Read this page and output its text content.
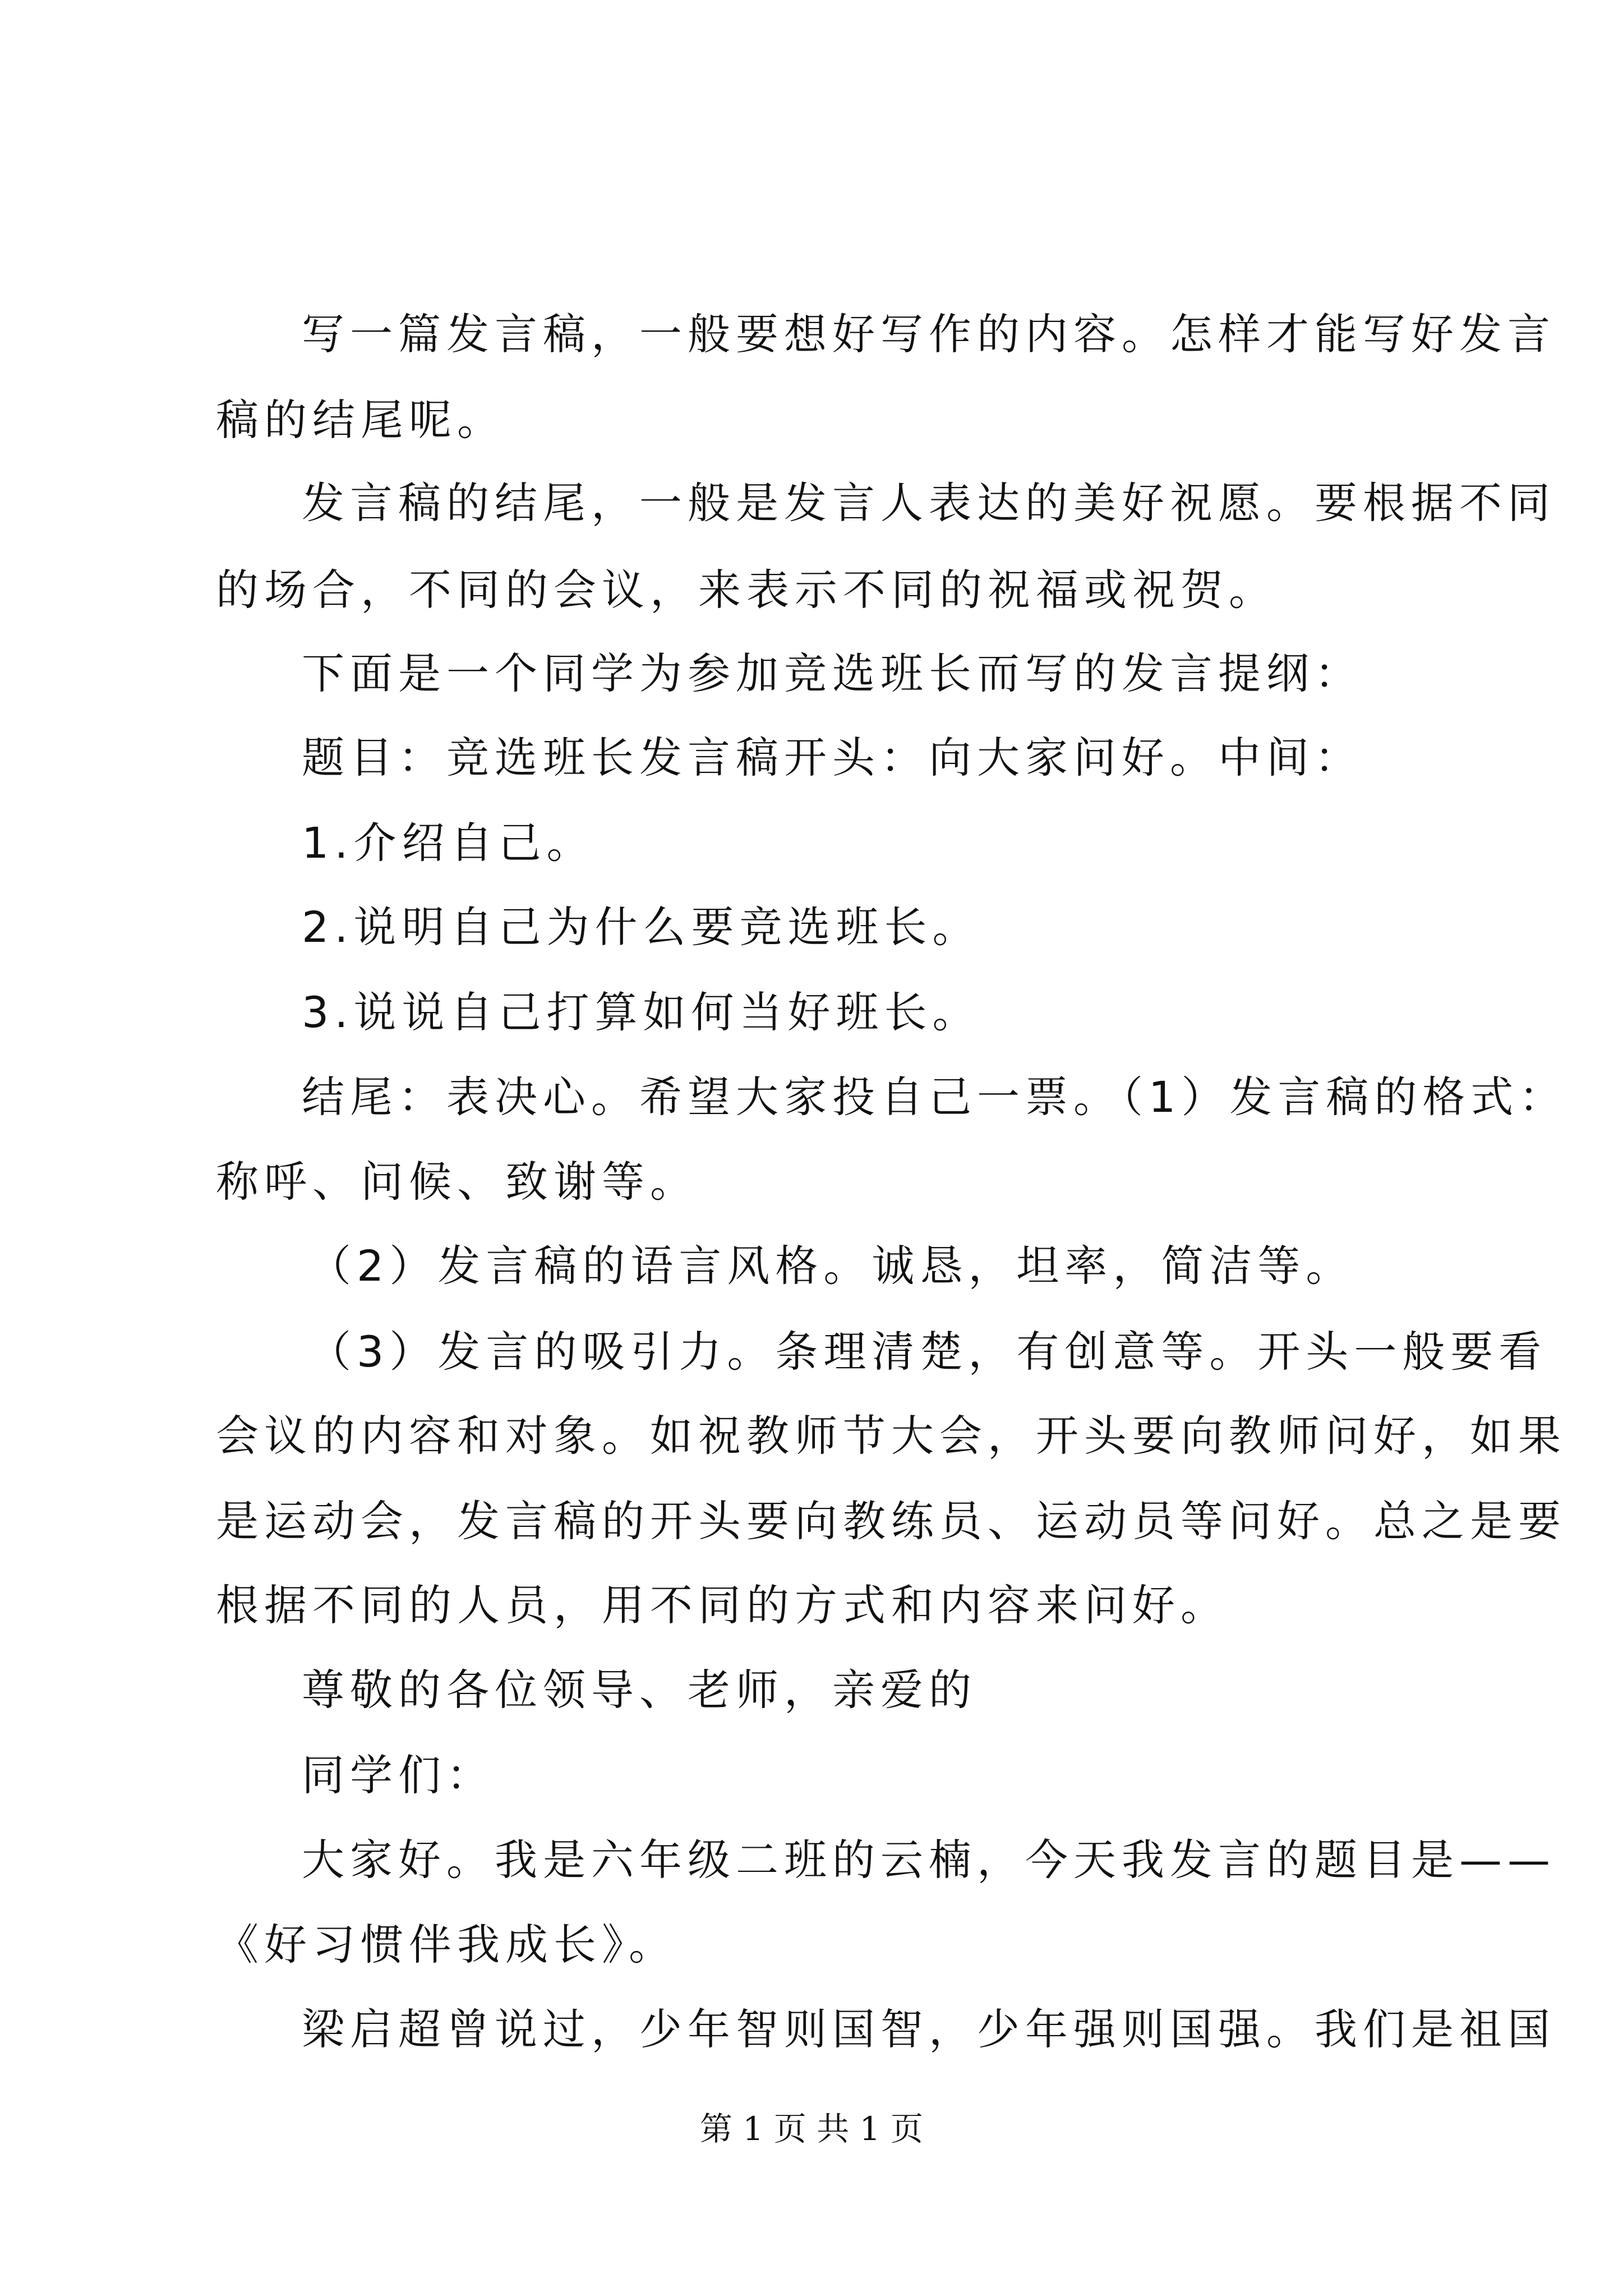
写一篇发言稿，一般要想好写作的内容。怎样才能写好发言

稿的结尾呢。

发言稿的结尾，一般是发言人表达的美好祝愿。要根据不同

的场合，不同的会议，来表示不同的祝福或祝贺。

下面是一个同学为参加竞选班长而写的发言提纲：

题目：竞选班长发言稿开头：向大家问好。中间：

1.介绍自己。

2.说明自己为什么要竞选班长。

3.说说自己打算如何当好班长。

结尾：表决心。希望大家投自己一票。（1）发言稿的格式：

称呼、问候、致谢等。

（2）发言稿的语言风格。诚恳，坦率，简洁等。

（3）发言的吸引力。条理清楚，有创意等。开头一般要看

会议的内容和对象。如祝教师节大会，开头要向教师问好，如果

是运动会，发言稿的开头要向教练员、运动员等问好。总之是要

根据不同的人员，用不同的方式和内容来问好。

尊敬的各位领导、老师，亲爱的

同学们：

大家好。我是六年级二班的云楠，今天我发言的题目是——

《好习惯伴我成长》。

梁启超曾说过，少年智则国智，少年强则国强。我们是祖国

第 1 页 共 1 页
